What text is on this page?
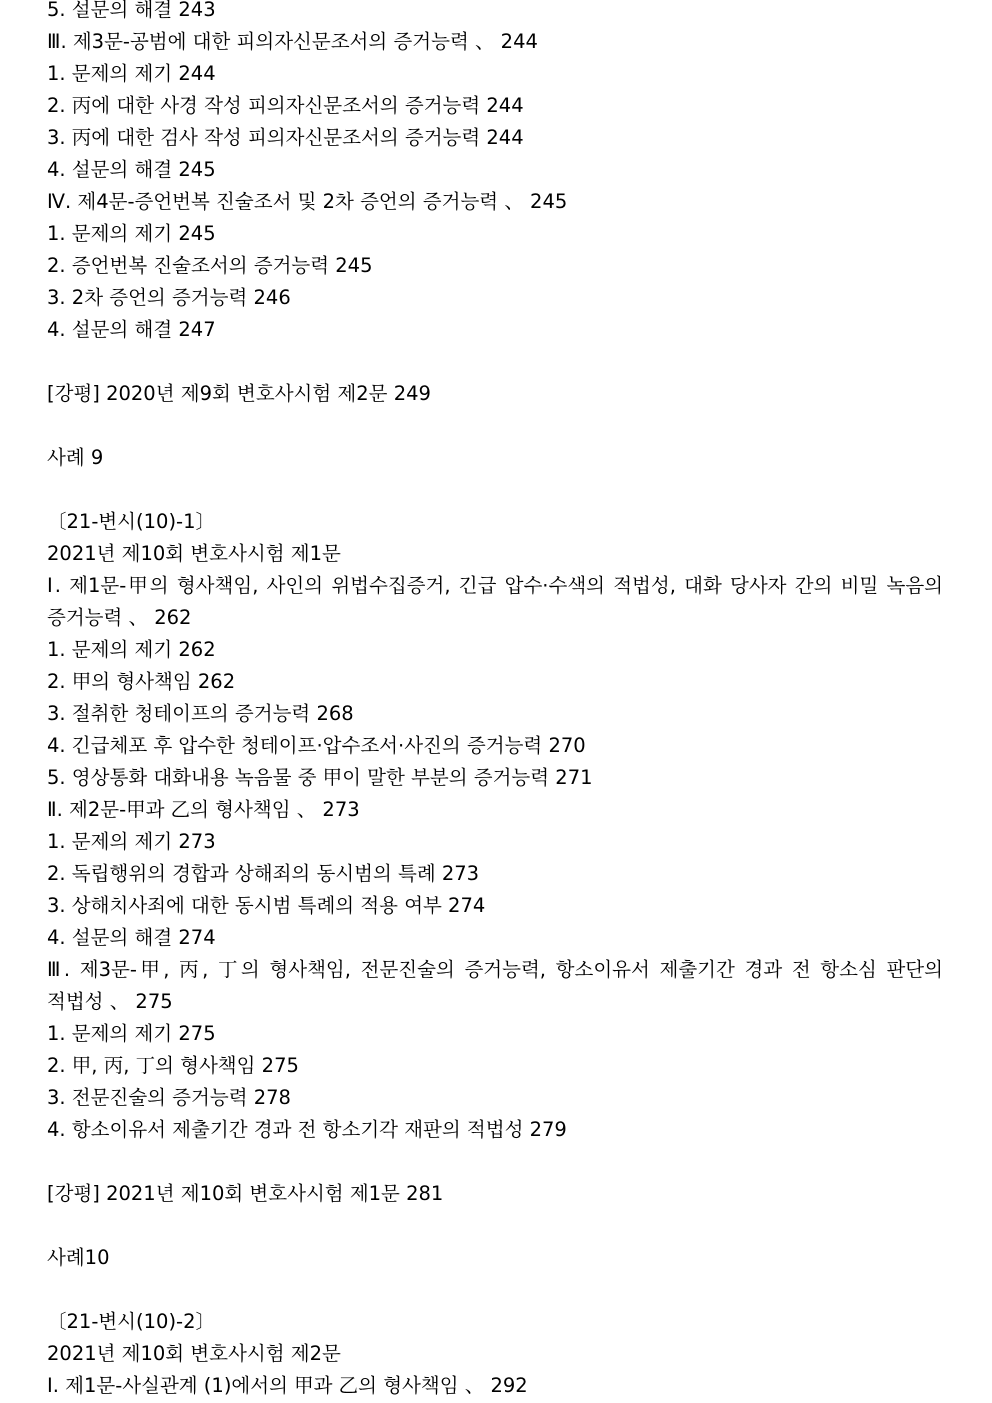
5. 설문의 해결 243
Ⅲ. 제3문-공범에 대한 피의자신문조서의 증거능력 、 244
1. 문제의 제기 244
2. 丙에 대한 사경 작성 피의자신문조서의 증거능력 244
3. 丙에 대한 검사 작성 피의자신문조서의 증거능력 244
4. 설문의 해결 245
Ⅳ. 제4문-증언번복 진술조서 및 2차 증언의 증거능력 、 245
1. 문제의 제기 245
2. 증언번복 진술조서의 증거능력 245
3. 2차 증언의 증거능력 246
4. 설문의 해결 247
[강평] 2020년 제9회 변호사시험 제2문 249
사례 9
〔21-변시(10)-1〕
2021년 제10회 변호사시험 제1문
Ⅰ. 제1문-甲의 형사책임, 사인의 위법수집증거, 긴급 압수·수색의 적법성, 대화 당사자 간의 비밀 녹음의 증거능력 、 262
1. 문제의 제기 262
2. 甲의 형사책임 262
3. 절취한 청테이프의 증거능력 268
4. 긴급체포 후 압수한 청테이프·압수조서·사진의 증거능력 270
5. 영상통화 대화내용 녹음물 중 甲이 말한 부분의 증거능력 271
Ⅱ. 제2문-甲과 乙의 형사책임 、 273
1. 문제의 제기 273
2. 독립행위의 경합과 상해죄의 동시범의 특례 273
3. 상해치사죄에 대한 동시범 특례의 적용 여부 274
4. 설문의 해결 274
Ⅲ. 제3문-甲, 丙, 丁의 형사책임, 전문진술의 증거능력, 항소이유서 제출기간 경과 전 항소심 판단의 적법성 、 275
1. 문제의 제기 275
2. 甲, 丙, 丁의 형사책임 275
3. 전문진술의 증거능력 278
4. 항소이유서 제출기간 경과 전 항소기각 재판의 적법성 279
[강평] 2021년 제10회 변호사시험 제1문 281
사례10
〔21-변시(10)-2〕
2021년 제10회 변호사시험 제2문
Ⅰ. 제1문-사실관계 (1)에서의 甲과 乙의 형사책임 、 292
